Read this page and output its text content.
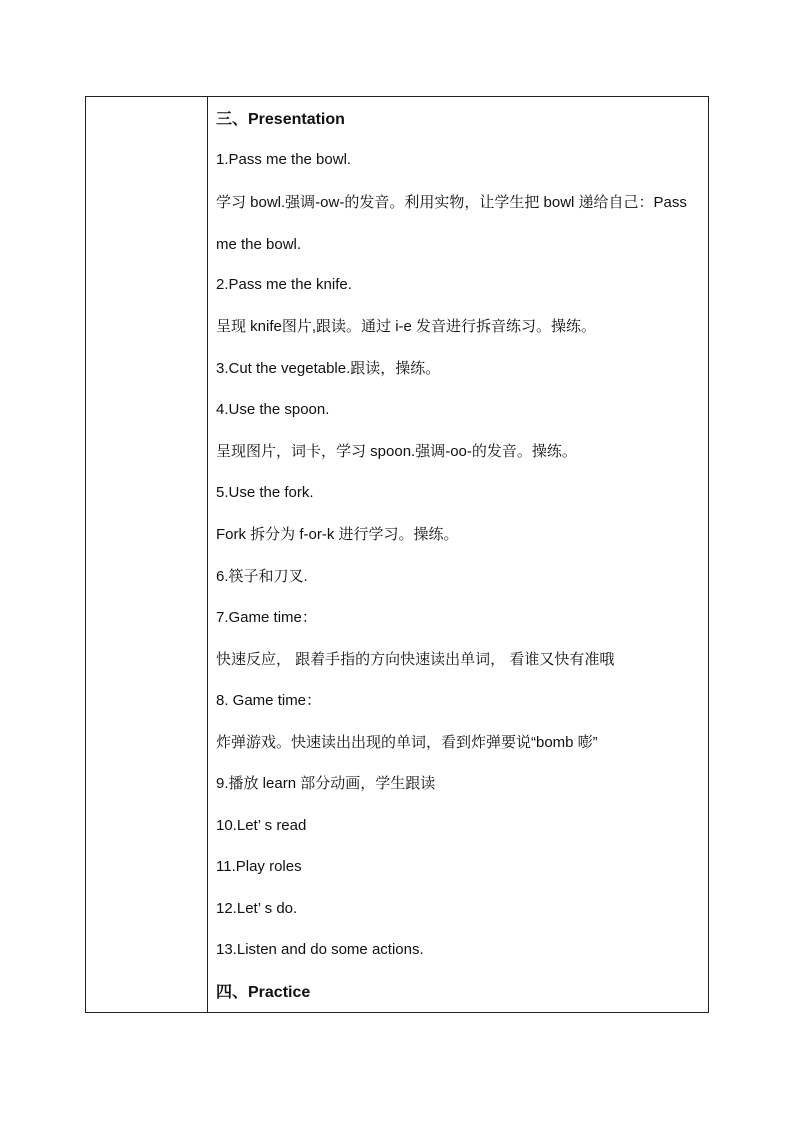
三、Presentation
1.Pass me the bowl.
学习 bowl.强调-ow-的发音。利用实物，让学生把 bowl 递给自己：Pass me the bowl.
2.Pass me the knife.
呈现 knife图片,跟读。通过 i-e 发音进行拆音练习。操练。
3.Cut the vegetable.跟读，操练。
4.Use the spoon.
呈现图片，词卡，学习 spoon.强调-oo-的发音。操练。
5.Use the fork.
Fork 拆分为 f-or-k 进行学习。操练。
6.筷子和刀叉.
7.Game time：
快速反应， 跟着手指的方向快速读出单词， 看谁又快有准哦
8. Game time：
炸弹游戏。快速读出出现的单词，看到炸弹要说“bomb 嘭”
9.播放 learn 部分动画，学生跟读
10.Let’ s read
11.Play roles
12.Let’ s do.
13.Listen and do some actions.
四、Practice
